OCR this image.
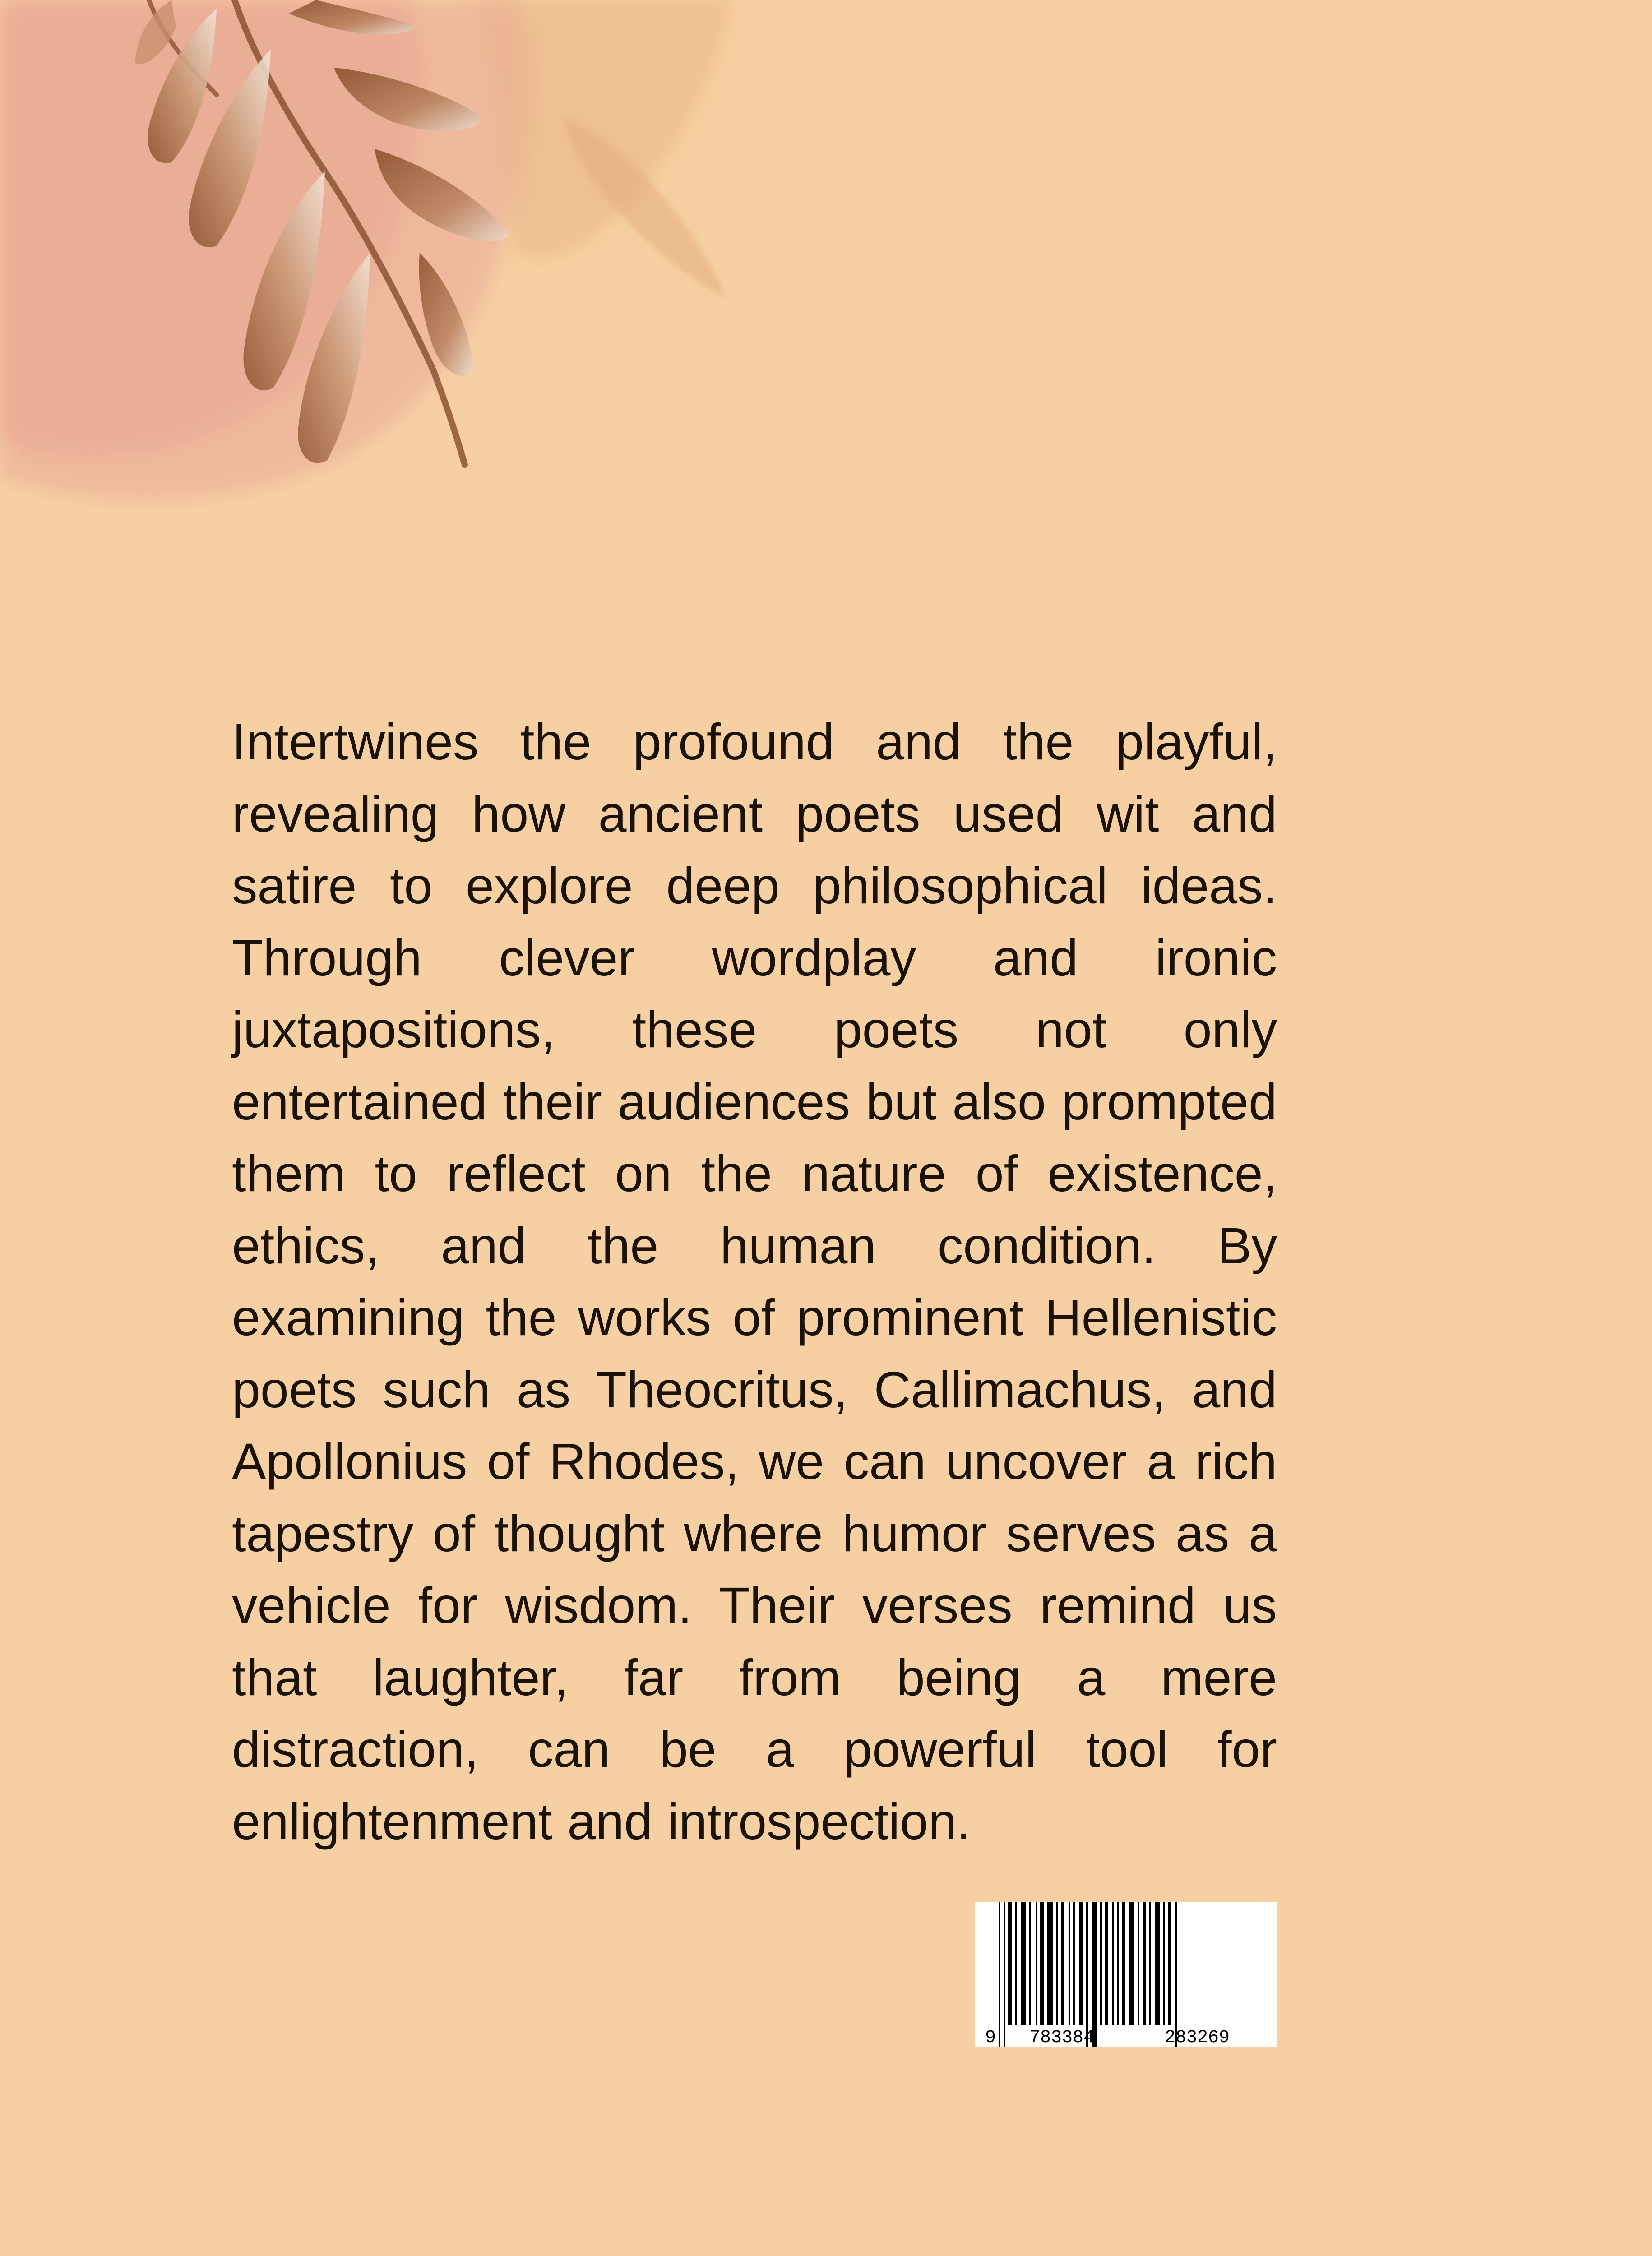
Intertwines the profound and the playful, revealing how ancient poets used wit and satire to explore deep philosophical ideas. Through clever wordplay and ironic juxtapositions, these poets not only entertained their audiences but also prompted them to reflect on the nature of existence, ethics, and the human condition. By examining the works of prominent Hellenistic poets such as Theocritus, Callimachus, and Apollonius of Rhodes, we can uncover a rich tapestry of thought where humor serves as a vehicle for wisdom. Their verses remind us that laughter, far from being a mere distraction, can be a powerful tool for enlightenment and introspection.

9 783384	283269
